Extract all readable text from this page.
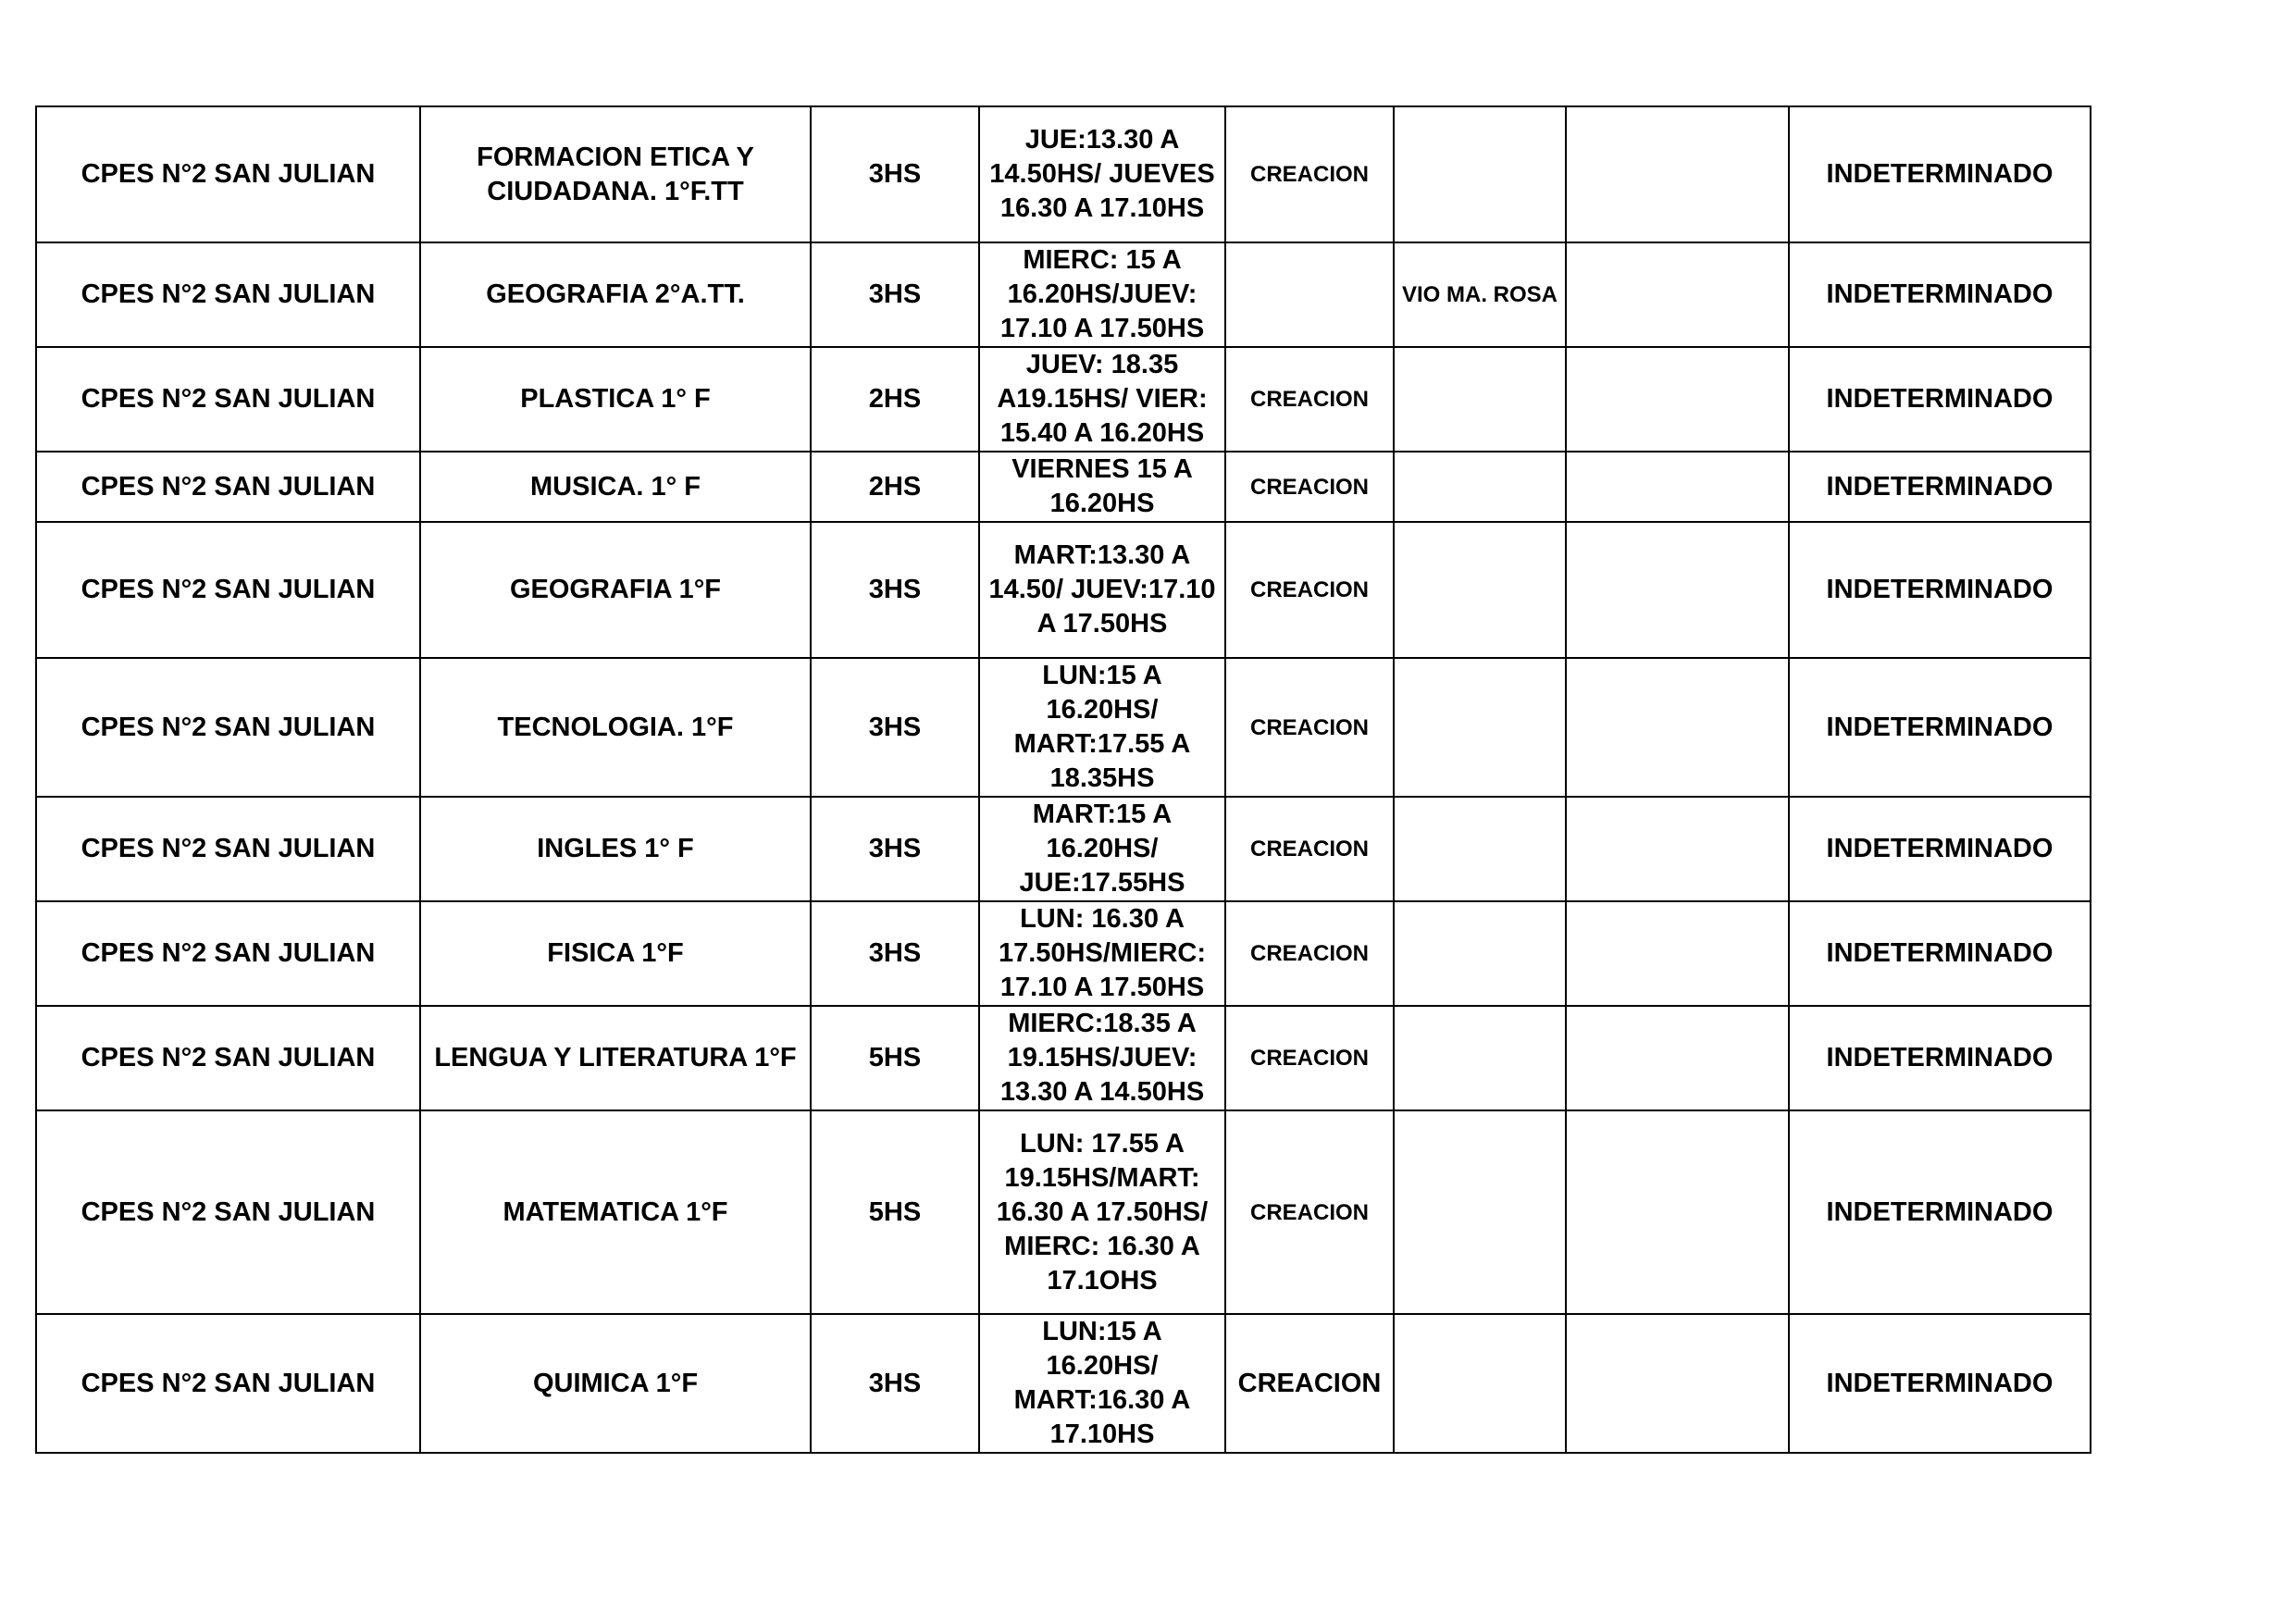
CPES N°2 SAN JULIAN	FORMACION ETICA Y CIUDADANA. 1°F.TT	3HS	JUE:13.30 A 14.50HS/ JUEVES 16.30 A 17.10HS	CREACION			INDETERMINADO
CPES N°2 SAN JULIAN	GEOGRAFIA 2°A.TT.	3HS	MIERC: 15 A 16.20HS/JUEV: 17.10 A 17.50HS		VIO MA. ROSA		INDETERMINADO
CPES N°2 SAN JULIAN	PLASTICA 1° F	2HS	JUEV: 18.35 A19.15HS/ VIER: 15.40 A 16.20HS	CREACION			INDETERMINADO
CPES N°2 SAN JULIAN	MUSICA. 1° F	2HS	VIERNES 15 A 16.20HS	CREACION			INDETERMINADO
CPES N°2 SAN JULIAN	GEOGRAFIA 1°F	3HS	MART:13.30 A 14.50/ JUEV:17.10 A 17.50HS	CREACION			INDETERMINADO
CPES N°2 SAN JULIAN	TECNOLOGIA. 1°F	3HS	LUN:15 A 16.20HS/ MART:17.55 A 18.35HS	CREACION			INDETERMINADO
CPES N°2 SAN JULIAN	INGLES 1° F	3HS	MART:15 A 16.20HS/ JUE:17.55HS	CREACION			INDETERMINADO
CPES N°2 SAN JULIAN	FISICA 1°F	3HS	LUN: 16.30 A 17.50HS/MIERC: 17.10 A 17.50HS	CREACION			INDETERMINADO
CPES N°2 SAN JULIAN	LENGUA Y LITERATURA 1°F	5HS	MIERC:18.35 A 19.15HS/JUEV: 13.30 A 14.50HS	CREACION			INDETERMINADO
CPES N°2 SAN JULIAN	MATEMATICA 1°F	5HS	LUN: 17.55 A 19.15HS/MART: 16.30 A 17.50HS/ MIERC: 16.30 A 17.1OHS	CREACION			INDETERMINADO
CPES N°2 SAN JULIAN	QUIMICA 1°F	3HS	LUN:15 A 16.20HS/ MART:16.30 A 17.10HS	CREACION			INDETERMINADO
